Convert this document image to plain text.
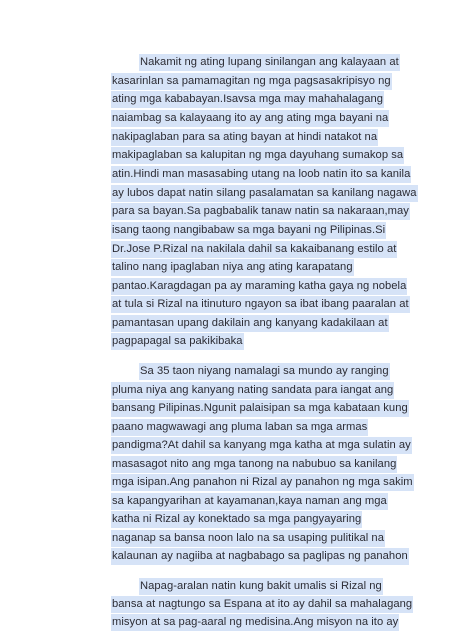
Nakamit ng ating lupang sinilangan ang kalayaan at
kasarinlan sa pamamagitan ng mga pagsasakripisyo ng
ating mga kababayan.Isavsa mga may mahahalagang
naiambag sa kalayaang ito ay ang ating mga bayani na
nakipaglaban para sa ating bayan at hindi natakot na
makipaglaban sa kalupitan ng mga dayuhang sumakop sa
atin.Hindi man masasabing utang na loob natin ito sa kanila
ay lubos dapat natin silang pasalamatan sa kanilang nagawa
para sa bayan.Sa pagbabalik tanaw natin sa nakaraan,may
isang taong nangibabaw sa mga bayani ng Pilipinas.Si
Dr.Jose P.Rizal na nakilala dahil sa kakaibanang estilo at
talino nang ipaglaban niya ang ating karapatang
pantao.Karagdagan pa ay maraming katha gaya ng nobela
at tula si Rizal na itinuturo ngayon sa ibat ibang paaralan at
pamantasan upang dakilain ang kanyang kadakilaan at
pagpapagal sa pakikibaka
Sa 35 taon niyang namalagi sa mundo ay ranging
pluma niya ang kanyang nating sandata para iangat ang
bansang Pilipinas.Ngunit palaisipan sa mga kabataan kung
paano magwawagi ang pluma laban sa mga armas
pandigma?At dahil sa kanyang mga katha at mga sulatin ay
masasagot nito ang mga tanong na nabubuo sa kanilang
mga isipan.Ang panahon ni Rizal ay panahon ng mga sakim
sa kapangyarihan at kayamanan,kaya naman ang mga
katha ni Rizal ay konektado sa mga pangyayaring
naganap sa bansa noon lalo na sa usaping pulitikal na
kalaunan ay nagiiba at nagbabago sa paglipas ng panahon
Napag-aralan natin kung bakit umalis si Rizal ng
bansa at nagtungo sa Espana at ito ay dahil sa mahalagang
misyon at sa pag-aaral ng medisina.Ang misyon na ito ay
